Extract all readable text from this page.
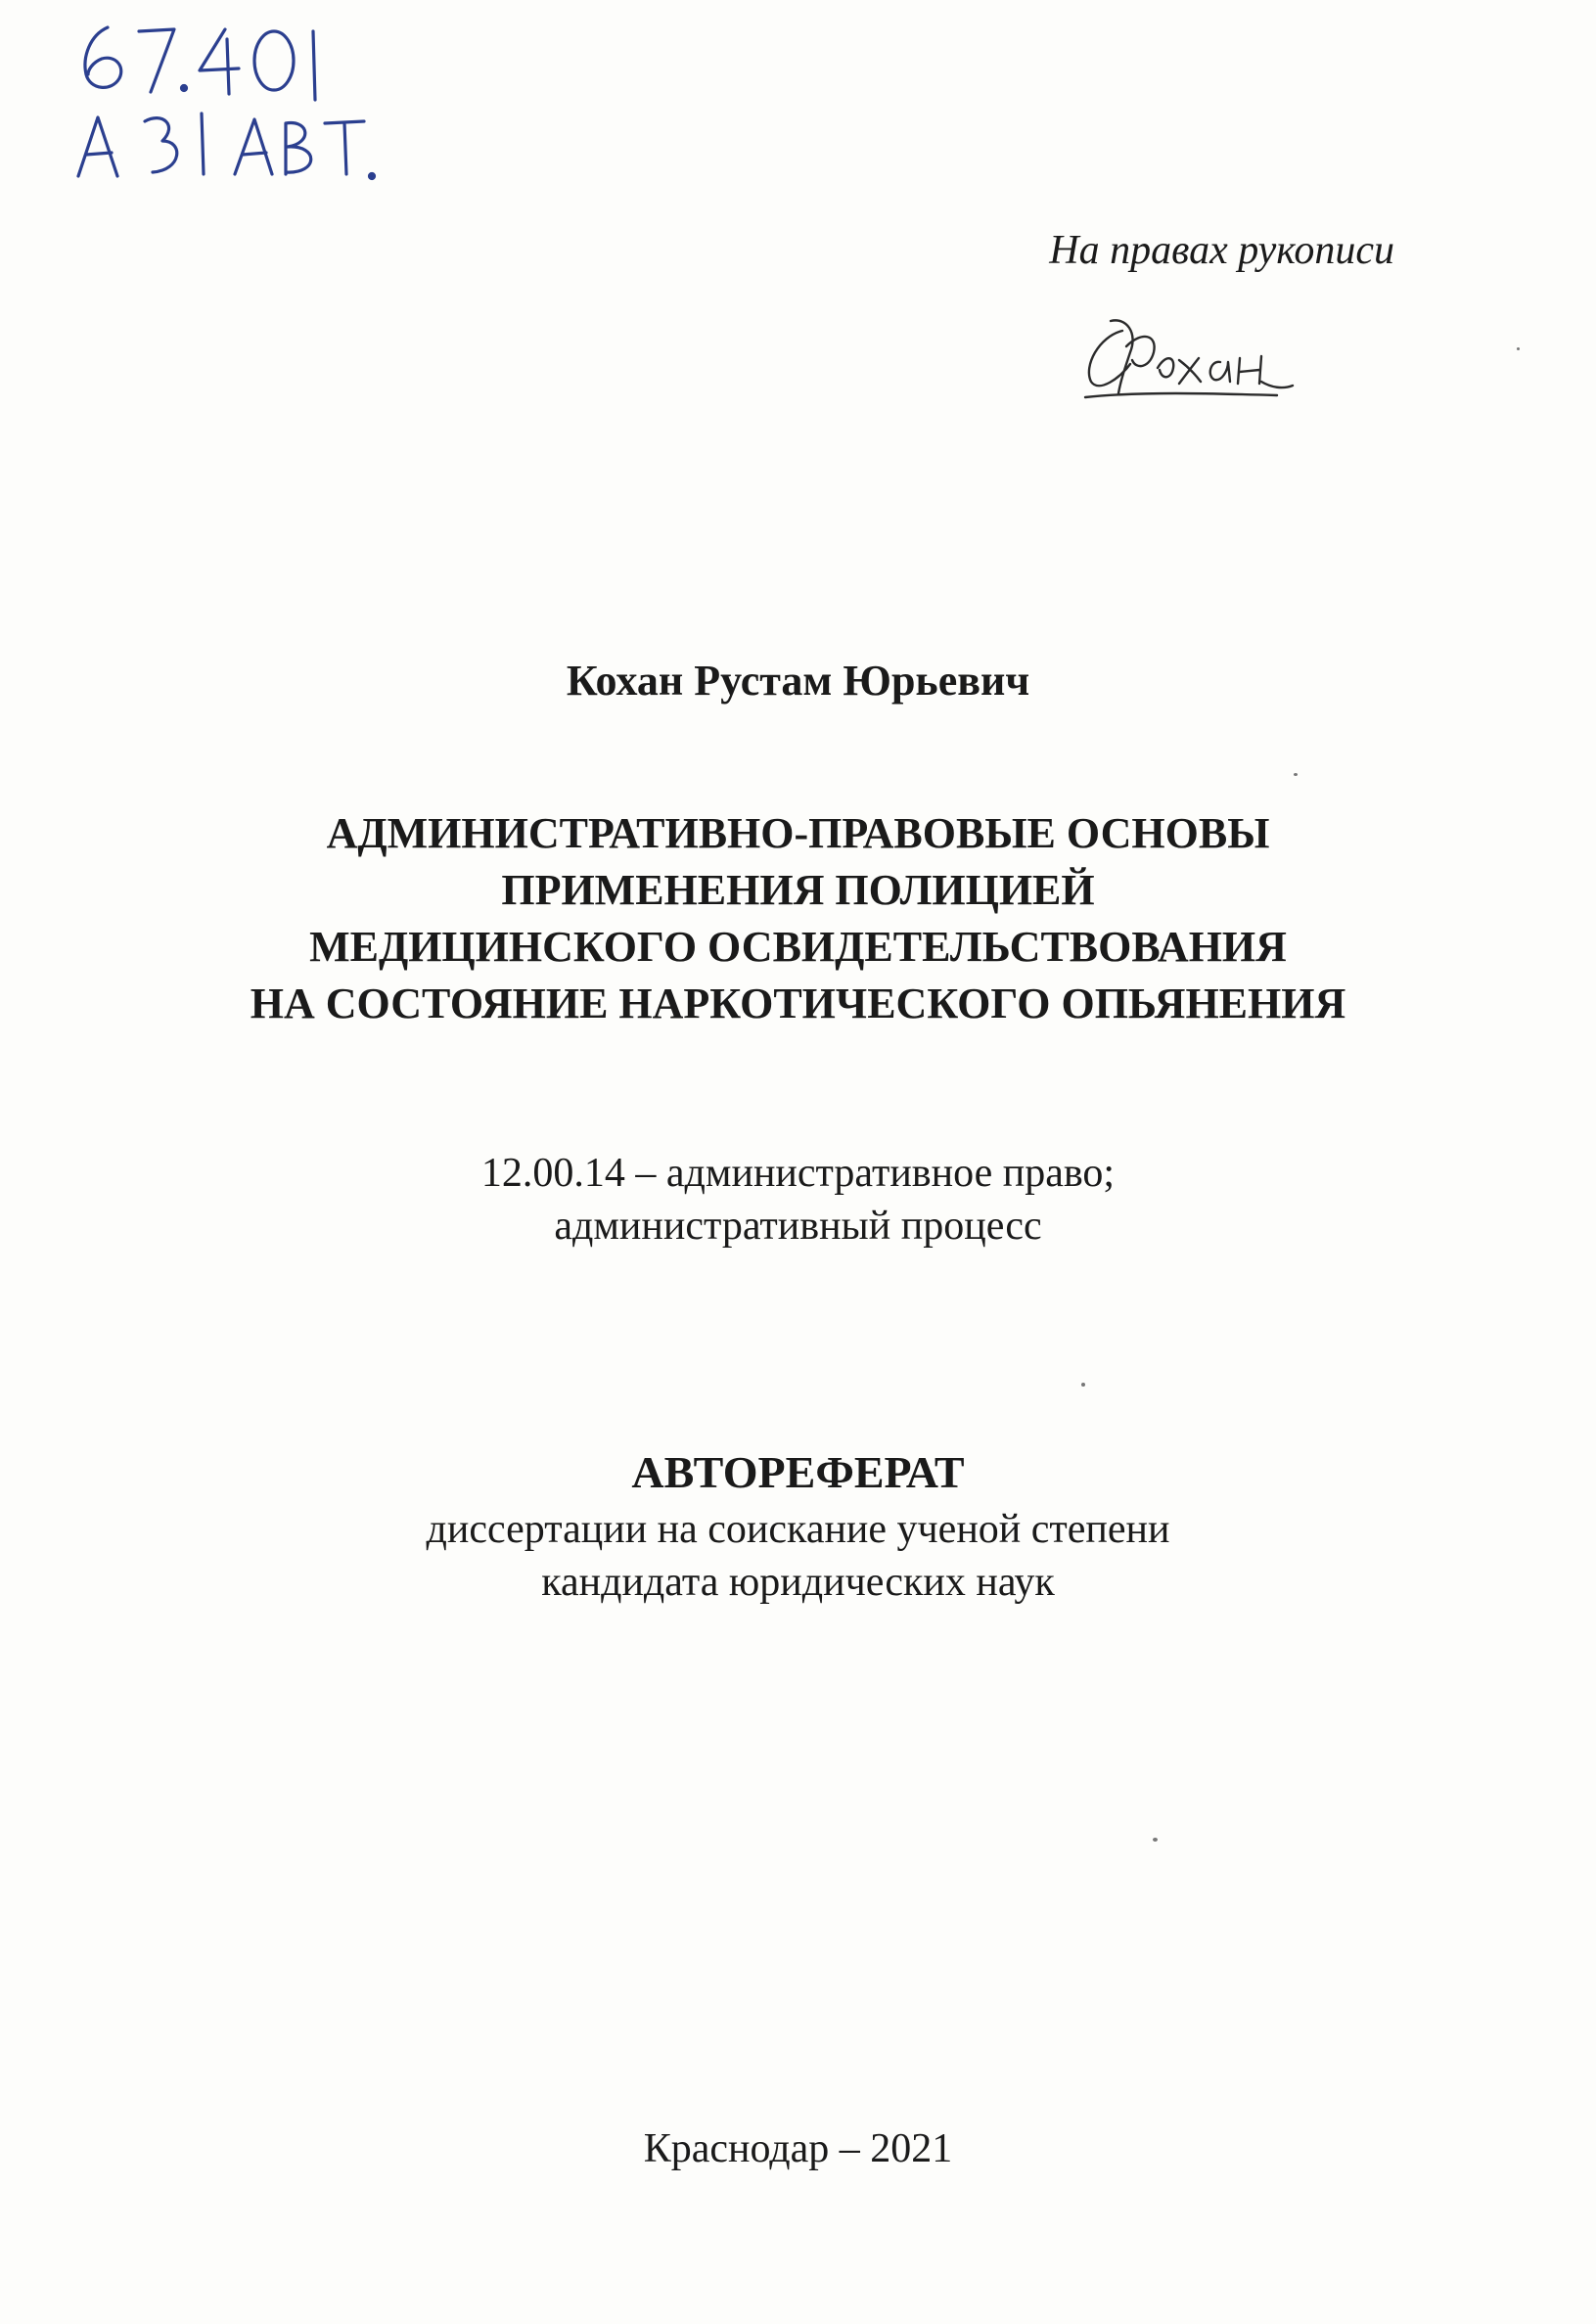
На правах рукописи
Кохан Рустам Юрьевич
АДМИНИСТРАТИВНО-ПРАВОВЫЕ ОСНОВЫ
ПРИМЕНЕНИЯ ПОЛИЦИЕЙ
МЕДИЦИНСКОГО ОСВИДЕТЕЛЬСТВОВАНИЯ
НА СОСТОЯНИЕ НАРКОТИЧЕСКОГО ОПЬЯНЕНИЯ
12.00.14 – административное право;
административный процесс
АВТОРЕФЕРАТ
диссертации на соискание ученой степени
кандидата юридических наук
Краснодар – 2021
